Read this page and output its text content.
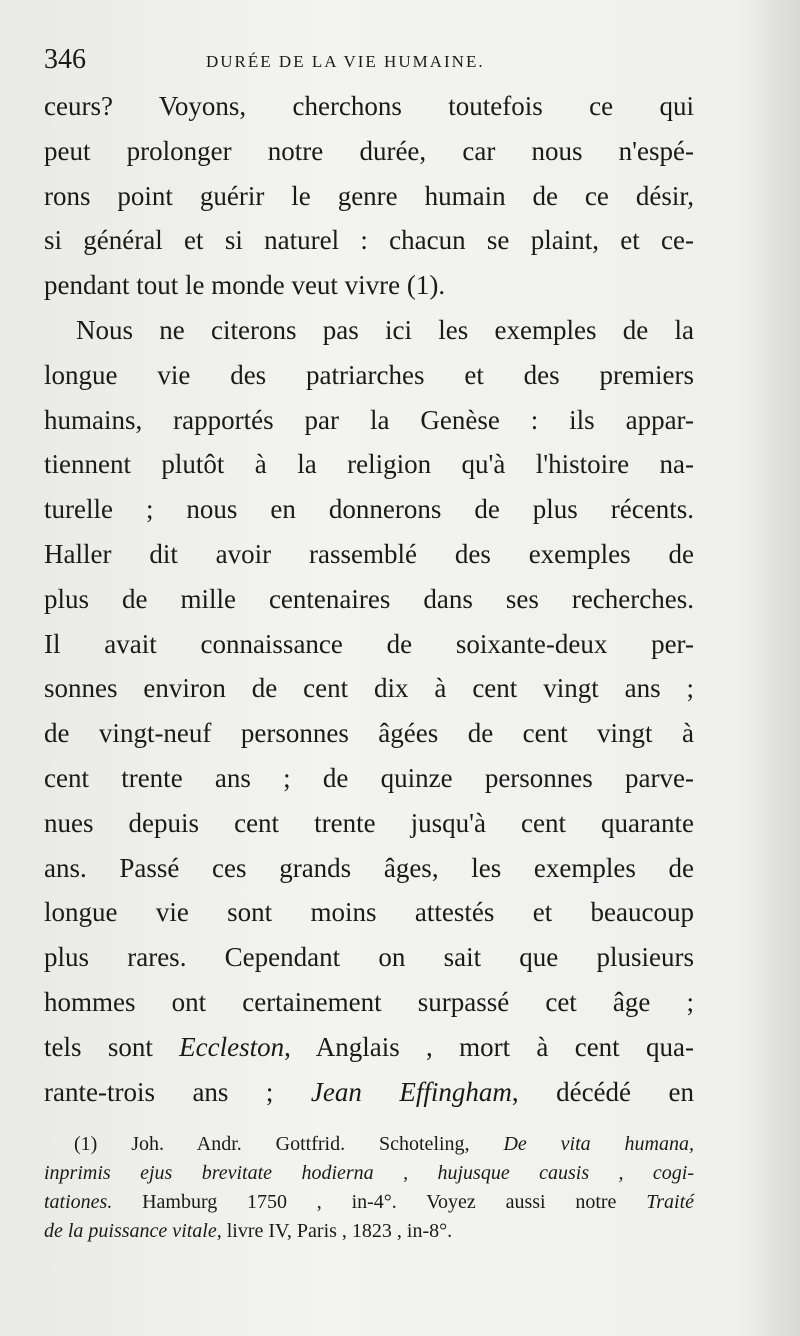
346	DURÉE DE LA VIE HUMAINE.
ceurs? Voyons, cherchons toutefois ce qui
peut prolonger notre durée, car nous n'espé-
rons point guérir le genre humain de ce désir,
si général et si naturel : chacun se plaint, et ce-
pendant tout le monde veut vivre (1).
Nous ne citerons pas ici les exemples de la
longue vie des patriarches et des premiers
humains, rapportés par la Genèse : ils appar-
tiennent plutôt à la religion qu'à l'histoire na-
turelle ; nous en donnerons de plus récents.
Haller dit avoir rassemblé des exemples de
plus de mille centenaires dans ses recherches.
Il avait connaissance de soixante-deux per-
sonnes environ de cent dix à cent vingt ans ;
de vingt-neuf personnes âgées de cent vingt à
cent trente ans ; de quinze personnes parve-
nues depuis cent trente jusqu'à cent quarante
ans. Passé ces grands âges, les exemples de
longue vie sont moins attestés et beaucoup
plus rares. Cependant on sait que plusieurs
hommes ont certainement surpassé cet âge ;
tels sont Eccleston, Anglais , mort à cent qua-
rante-trois ans ; Jean Effingham, décédé en
(1) Joh. Andr. Gottfrid. Schoteling, De vita humana,
inprimis ejus brevitate hodierna , hujusque causis , cogi-
tationes. Hamburg 1750 , in-4°. Voyez aussi notre Traité
de la puissance vitale, livre IV, Paris , 1823 , in-8°.
